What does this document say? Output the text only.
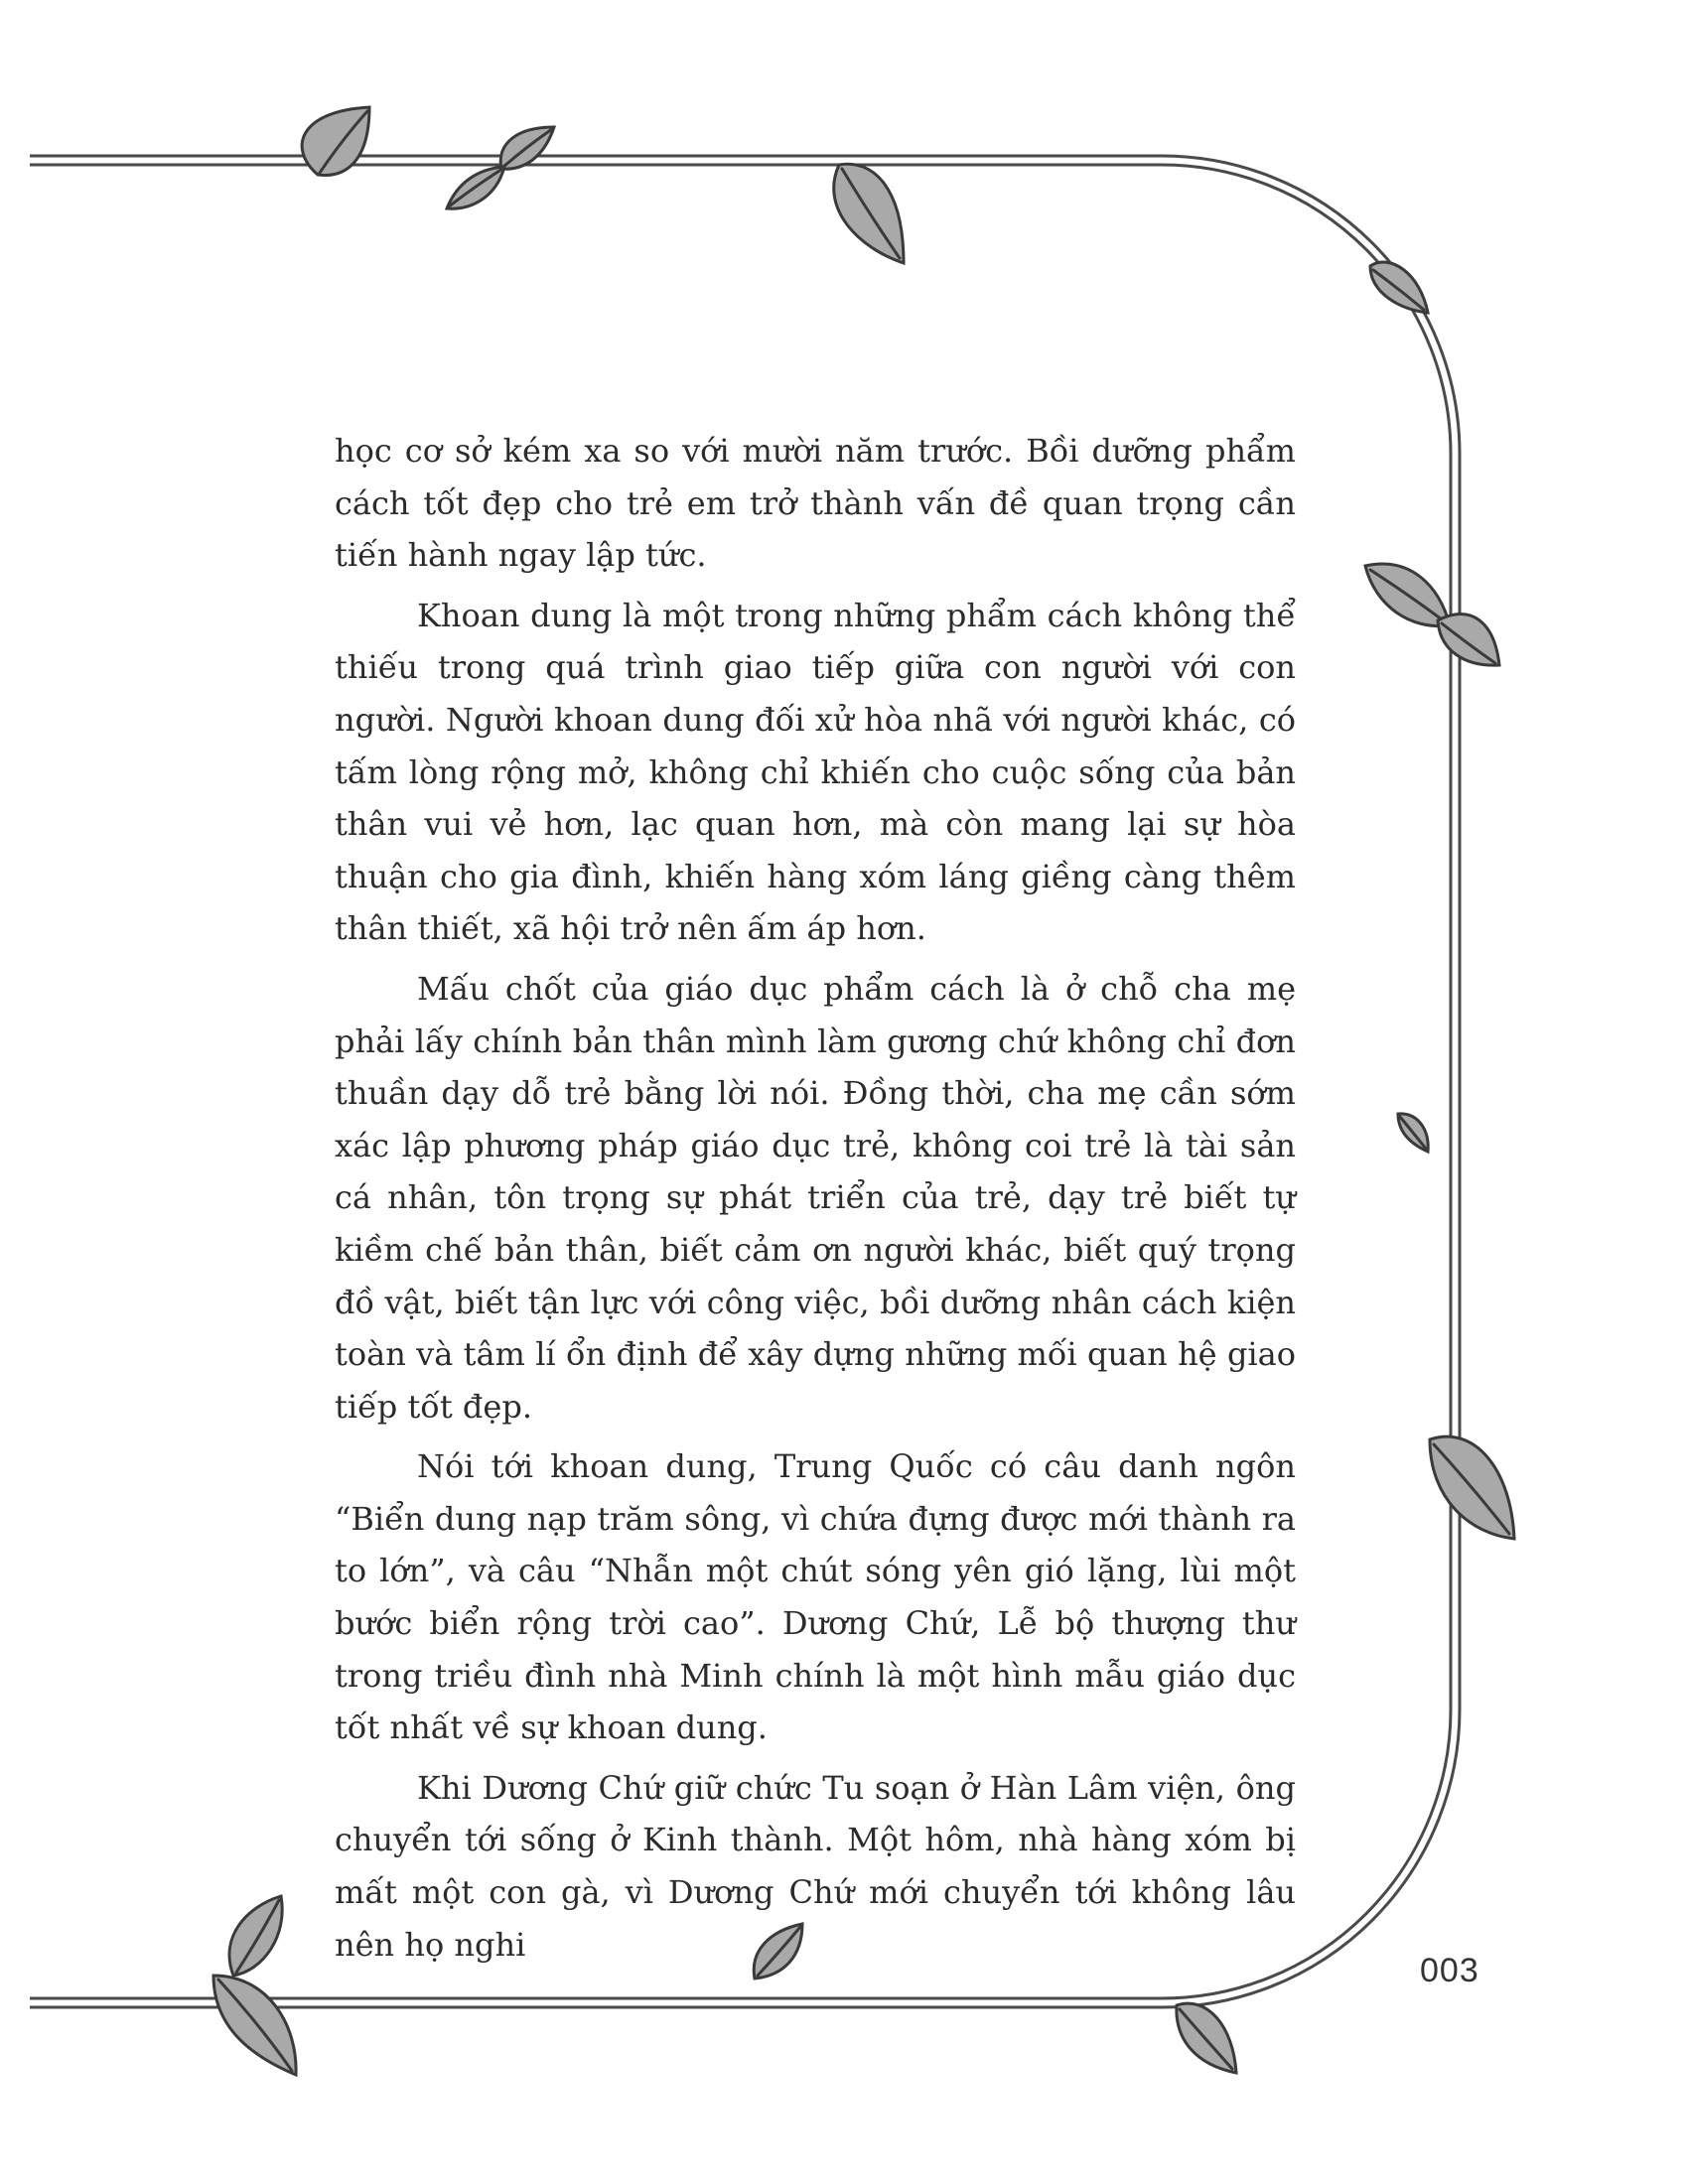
học cơ sở kém xa so với mười năm trước. Bồi dưỡng phẩm cách tốt đẹp cho trẻ em trở thành vấn đề quan trọng cần tiến hành ngay lập tức.

Khoan dung là một trong những phẩm cách không thể thiếu trong quá trình giao tiếp giữa con người với con người. Người khoan dung đối xử hòa nhã với người khác, có tấm lòng rộng mở, không chỉ khiến cho cuộc sống của bản thân vui vẻ hơn, lạc quan hơn, mà còn mang lại sự hòa thuận cho gia đình, khiến hàng xóm láng giềng càng thêm thân thiết, xã hội trở nên ấm áp hơn.

Mấu chốt của giáo dục phẩm cách là ở chỗ cha mẹ phải lấy chính bản thân mình làm gương chứ không chỉ đơn thuần dạy dỗ trẻ bằng lời nói. Đồng thời, cha mẹ cần sớm xác lập phương pháp giáo dục trẻ, không coi trẻ là tài sản cá nhân, tôn trọng sự phát triển của trẻ, dạy trẻ biết tự kiềm chế bản thân, biết cảm ơn người khác, biết quý trọng đồ vật, biết tận lực với công việc, bồi dưỡng nhân cách kiện toàn và tâm lí ổn định để xây dựng những mối quan hệ giao tiếp tốt đẹp.

Nói tới khoan dung, Trung Quốc có câu danh ngôn “Biển dung nạp trăm sông, vì chứa đựng được mới thành ra to lớn”, và câu “Nhẫn một chút sóng yên gió lặng, lùi một bước biển rộng trời cao”. Dương Chứ, Lễ bộ thượng thư trong triều đình nhà Minh chính là một hình mẫu giáo dục tốt nhất về sự khoan dung.

Khi Dương Chứ giữ chức Tu soạn ở Hàn Lâm viện, ông chuyển tới sống ở Kinh thành. Một hôm, nhà hàng xóm bị mất một con gà, vì Dương Chứ mới chuyển tới không lâu nên họ nghi

003
